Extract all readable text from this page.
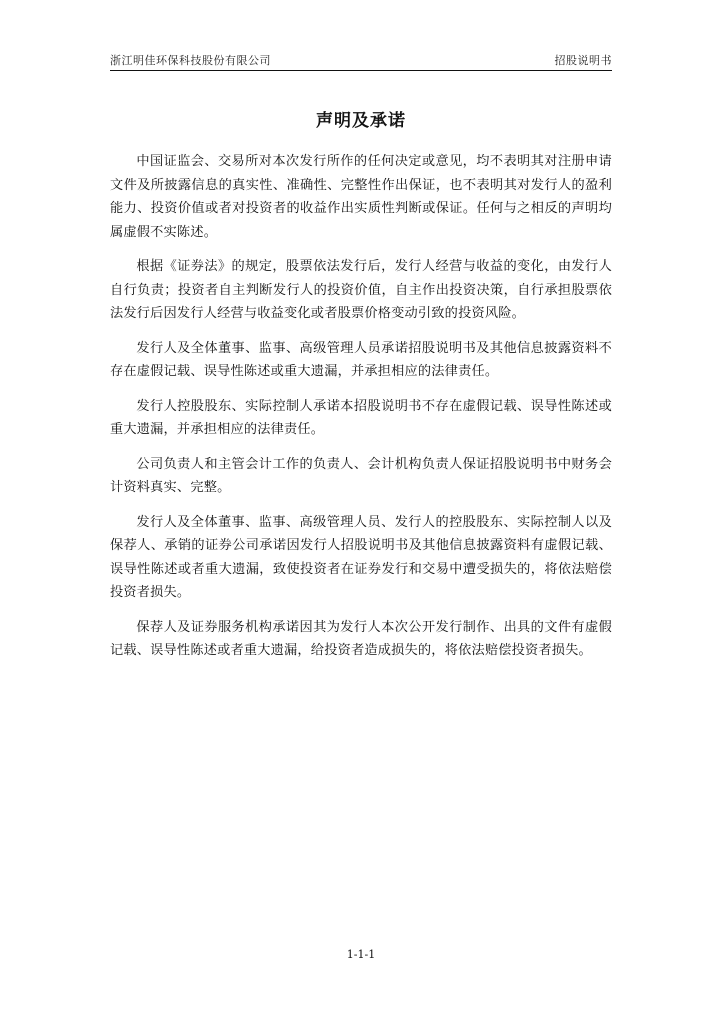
浙江明佳环保科技股份有限公司	招股说明书
声明及承诺

中国证监会、交易所对本次发行所作的任何决定或意见，均不表明其对注册申请文件及所披露信息的真实性、准确性、完整性作出保证，也不表明其对发行人的盈利能力、投资价值或者对投资者的收益作出实质性判断或保证。任何与之相反的声明均属虚假不实陈述。

根据《证券法》的规定，股票依法发行后，发行人经营与收益的变化，由发行人自行负责；投资者自主判断发行人的投资价值，自主作出投资决策，自行承担股票依法发行后因发行人经营与收益变化或者股票价格变动引致的投资风险。

发行人及全体董事、监事、高级管理人员承诺招股说明书及其他信息披露资料不存在虚假记载、误导性陈述或重大遗漏，并承担相应的法律责任。

发行人控股股东、实际控制人承诺本招股说明书不存在虚假记载、误导性陈述或重大遗漏，并承担相应的法律责任。

公司负责人和主管会计工作的负责人、会计机构负责人保证招股说明书中财务会计资料真实、完整。

发行人及全体董事、监事、高级管理人员、发行人的控股股东、实际控制人以及保荐人、承销的证券公司承诺因发行人招股说明书及其他信息披露资料有虚假记载、误导性陈述或者重大遗漏，致使投资者在证券发行和交易中遭受损失的，将依法赔偿投资者损失。

保荐人及证券服务机构承诺因其为发行人本次公开发行制作、出具的文件有虚假记载、误导性陈述或者重大遗漏，给投资者造成损失的，将依法赔偿投资者损失。

1-1-1
